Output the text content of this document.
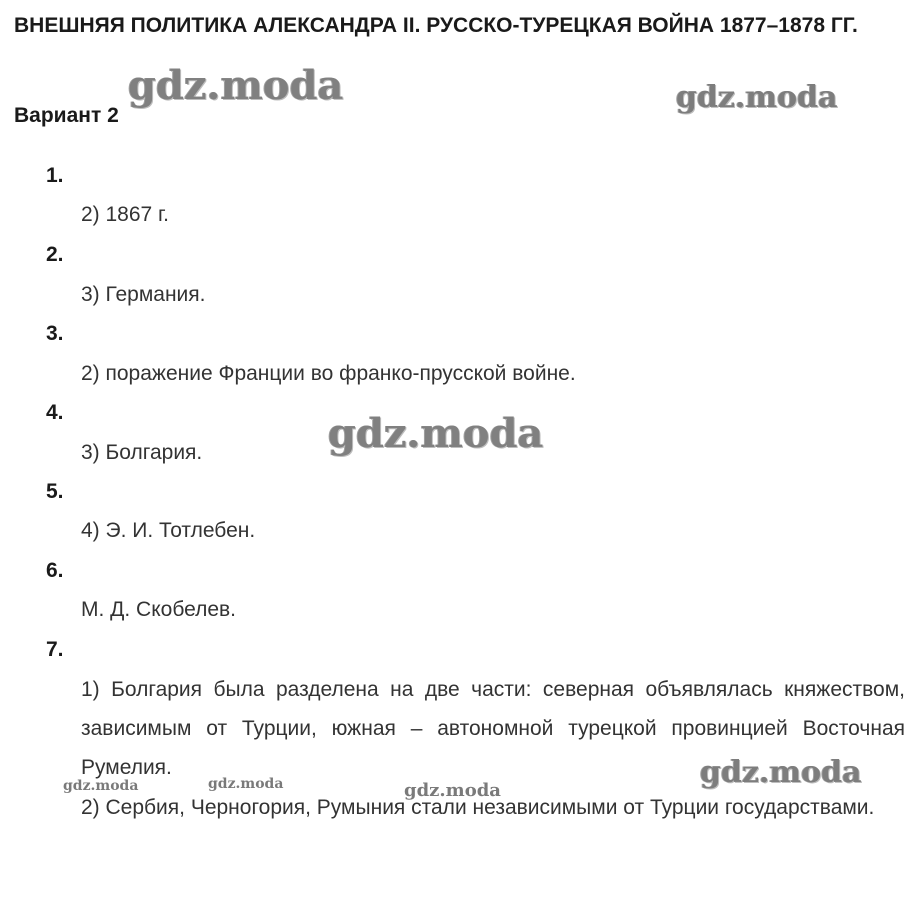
ВНЕШНЯЯ ПОЛИТИКА АЛЕКСАНДРА II. РУССКО-ТУРЕЦКАЯ ВОЙНА 1877–1878 ГГ.
Вариант 2
1.
2) 1867 г.
2.
3) Германия.
3.
2) поражение Франции во франко-прусской войне.
4.
3) Болгария.
5.
4) Э. И. Тотлебен.
6.
М. Д. Скобелев.
7.
1) Болгария была разделена на две части: северная объявлялась княжеством, зависимым от Турции, южная – автономной турецкой провинцией Восточная Румелия.
2) Сербия, Черногория, Румыния стали независимыми от Турции государствами.
gdz.moda	gdz.moda
gdz.moda
gdz.moda
gdz.moda	gdz.moda	gdz.moda
